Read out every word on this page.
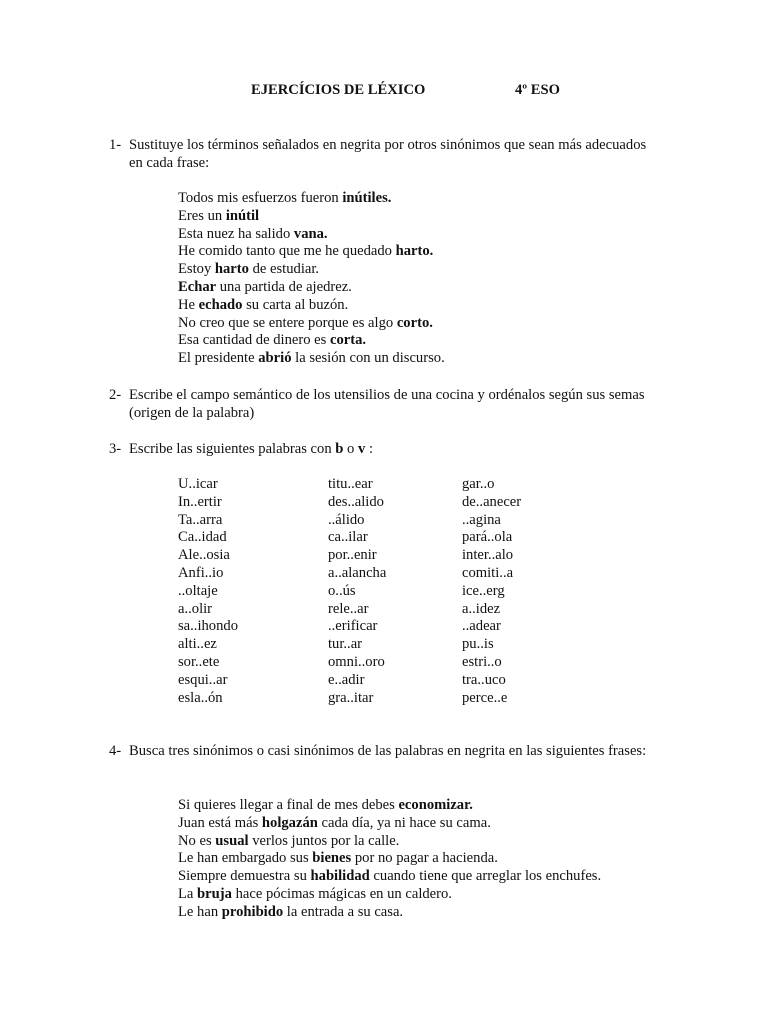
EJERCÍCIOS DE LÉXICO	4º ESO
1- Sustituye los términos señalados en negrita por otros sinónimos que sean más adecuados en cada frase:
Todos mis esfuerzos fueron inútiles.
Eres un inútil
Esta nuez ha salido vana.
He comido tanto que me he quedado harto.
Estoy harto de estudiar.
Echar una partida de ajedrez.
He echado su carta al buzón.
No creo que se entere porque es algo corto.
Esa cantidad de dinero es corta.
El presidente abrió la sesión con un discurso.
2- Escribe el campo semántico de los utensilios de una cocina y ordénalos según sus semas (origen de la palabra)
3- Escribe las siguientes palabras con b o v :
U..icar
In..ertir
Ta..arra
Ca..idad
Ale..osia
Anfi..io
..oltaje
a..olir
sa..ihondo
alti..ez
sor..ete
esqui..ar
esla..ón
titu..ear
des..alido
..álido
ca..ilar
por..enir
a..alancha
o..ús
rele..ar
..erificar
tur..ar
omni..oro
e..adir
gra..itar
gar..o
de..anecer
..agina
pará..ola
inter..alo
comiti..a
ice..erg
a..idez
..adear
pu..is
estri..o
tra..uco
perce..e
4- Busca tres sinónimos o casi sinónimos de las palabras en negrita en las siguientes frases:
Si quieres llegar a final de mes debes economizar.
Juan está más holgazán cada día, ya ni hace su cama.
No es usual verlos juntos por la calle.
Le han embargado sus bienes por no pagar a hacienda.
Siempre demuestra su habilidad cuando tiene que arreglar los enchufes.
La bruja hace pócimas mágicas en un caldero.
Le han prohibido la entrada a su casa.
